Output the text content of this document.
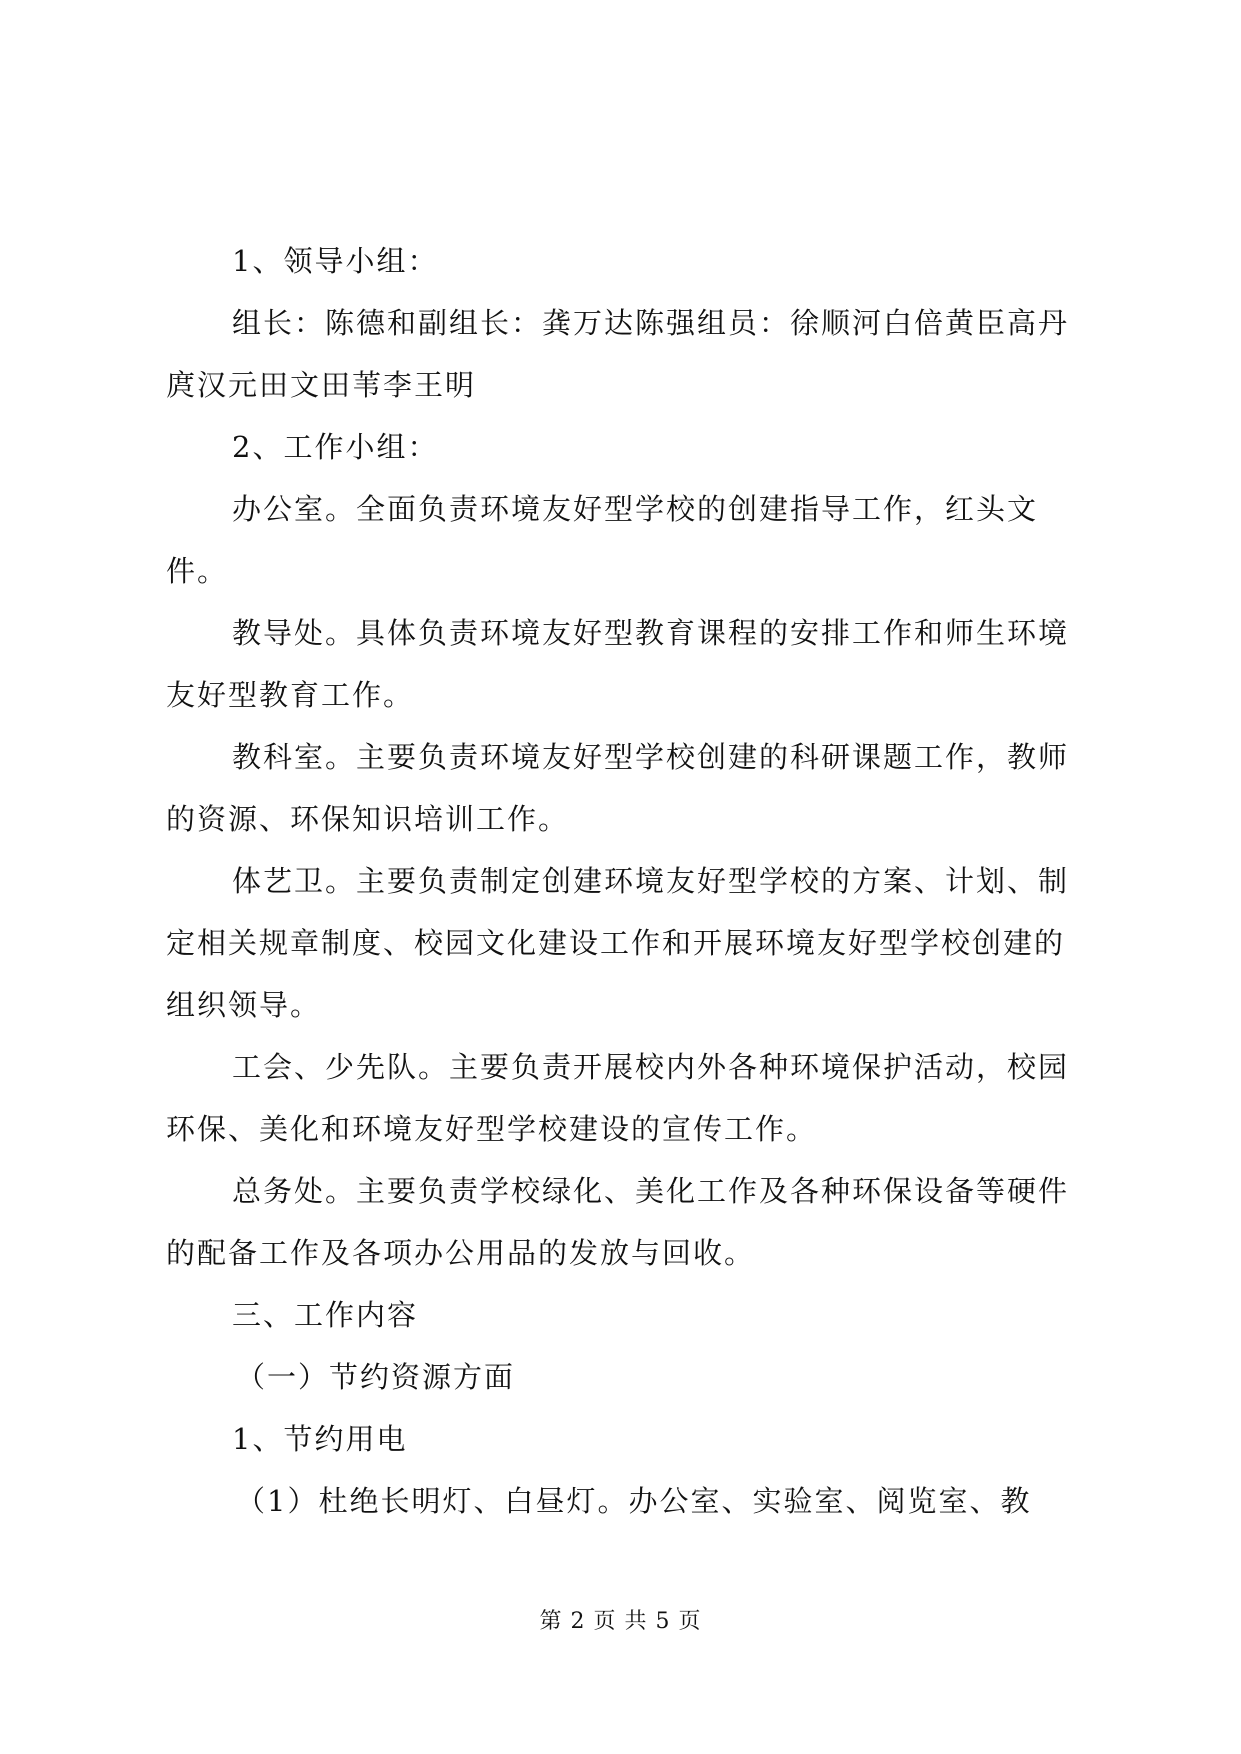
1、领导小组：

组长：陈德和副组长：龚万达陈强组员：徐顺河白倍黄臣高丹庹汉元田文田苇李王明

2、工作小组：

办公室。全面负责环境友好型学校的创建指导工作，红头文件。

教导处。具体负责环境友好型教育课程的安排工作和师生环境友好型教育工作。

教科室。主要负责环境友好型学校创建的科研课题工作，教师的资源、环保知识培训工作。

体艺卫。主要负责制定创建环境友好型学校的方案、计划、制定相关规章制度、校园文化建设工作和开展环境友好型学校创建的组织领导。

工会、少先队。主要负责开展校内外各种环境保护活动，校园环保、美化和环境友好型学校建设的宣传工作。

总务处。主要负责学校绿化、美化工作及各种环保设备等硬件的配备工作及各项办公用品的发放与回收。

三、工作内容

（一）节约资源方面

1、节约用电

（1）杜绝长明灯、白昼灯。办公室、实验室、阅览室、教

第 2 页 共 5 页
